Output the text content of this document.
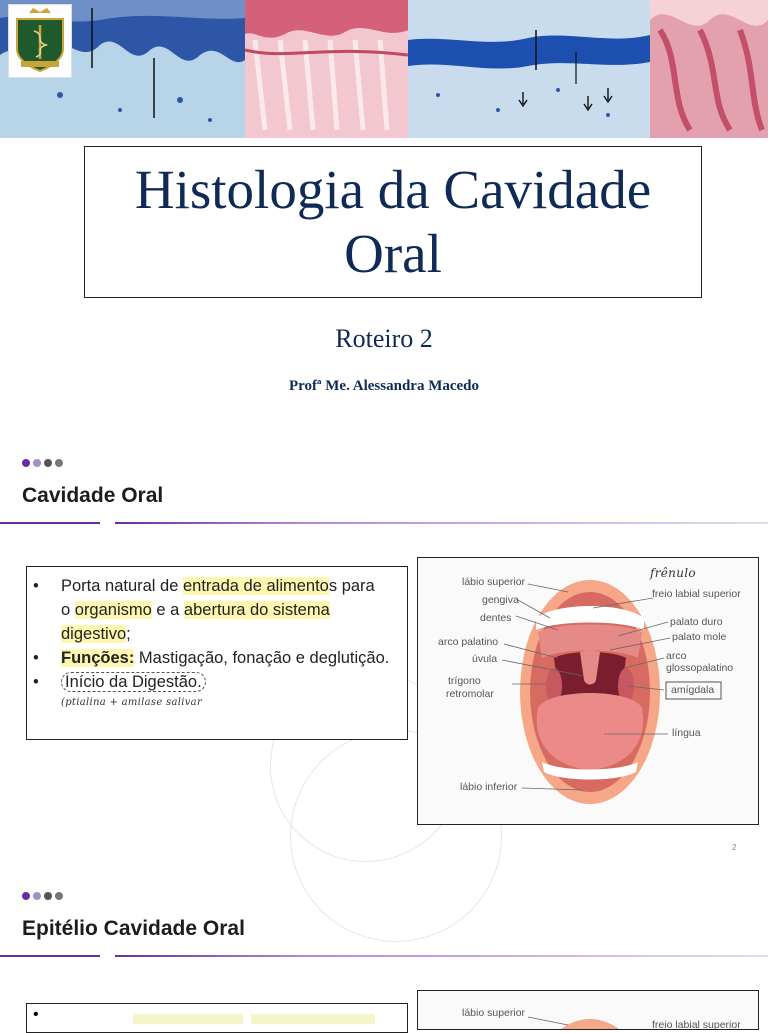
Histologia da Cavidade Oral
Roteiro 2
Profª Me. Alessandra Macedo
Cavidade Oral
• Porta natural de entrada de alimentos para
o organismo e a abertura do sistema
digestivo;
• Funções: Mastigação, fonação e deglutição.
• Início da Digestão.
(ptialina + amilase salivar
frênulo
lábio superior
freio labial superior
gengiva
dentes	palato duro
palato mole
arco palatino
úvula	arco
glossopalatino
trígono
retromolar	amígdala
língua
lábio inferior
2
Epitélio Cavidade Oral
•	lábio superior
freio labial superior
